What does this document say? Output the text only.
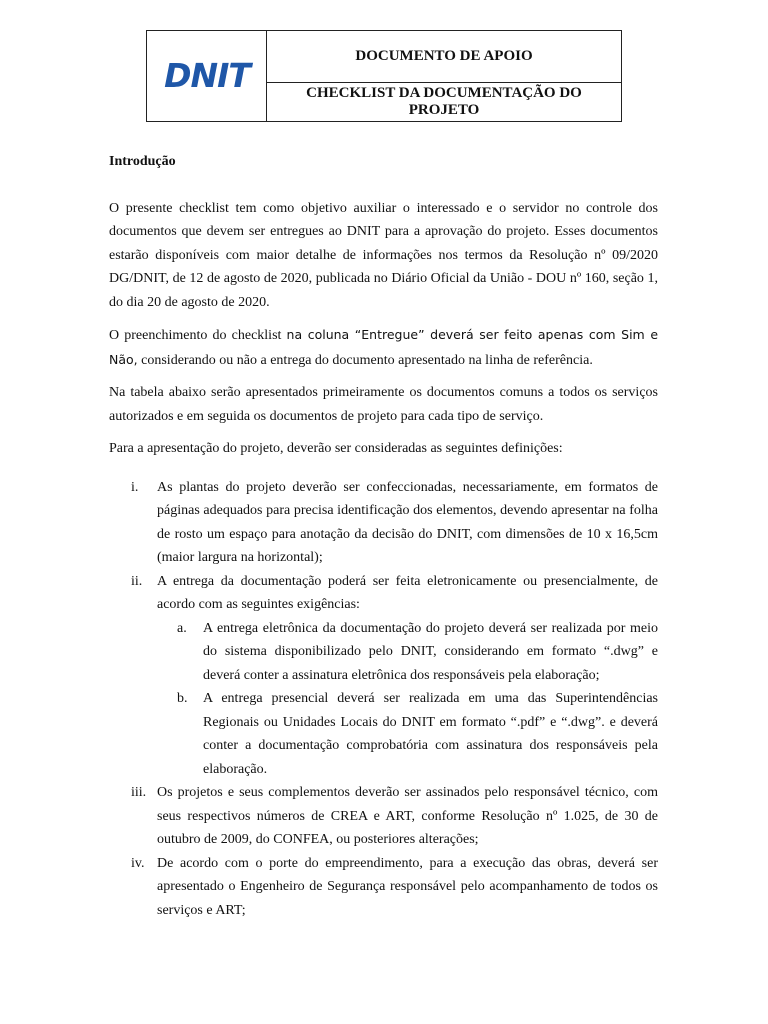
DNIT	DOCUMENTO DE APOIO
CHECKLIST DA DOCUMENTAÇÃO DO PROJETO

Introdução

O presente checklist tem como objetivo auxiliar o interessado e o servidor no controle dos documentos que devem ser entregues ao DNIT para a aprovação do projeto. Esses documentos estarão disponíveis com maior detalhe de informações nos termos da Resolução nº 09/2020 DG/DNIT, de 12 de agosto de 2020, publicada no Diário Oficial da União - DOU nº 160, seção 1, do dia 20 de agosto de 2020.

O preenchimento do checklist na coluna “Entregue” deverá ser feito apenas com Sim e Não, considerando ou não a entrega do documento apresentado na linha de referência.

Na tabela abaixo serão apresentados primeiramente os documentos comuns a todos os serviços autorizados e em seguida os documentos de projeto para cada tipo de serviço.

Para a apresentação do projeto, deverão ser consideradas as seguintes definições:

i.	As plantas do projeto deverão ser confeccionadas, necessariamente, em formatos de páginas adequados para precisa identificação dos elementos, devendo apresentar na folha de rosto um espaço para anotação da decisão do DNIT, com dimensões de 10 x 16,5cm (maior largura na horizontal);
ii.	A entrega da documentação poderá ser feita eletronicamente ou presencialmente, de acordo com as seguintes exigências:
a.	A entrega eletrônica da documentação do projeto deverá ser realizada por meio do sistema disponibilizado pelo DNIT, considerando em formato “.dwg” e deverá conter a assinatura eletrônica dos responsáveis pela elaboração;
b.	A entrega presencial deverá ser realizada em uma das Superintendências Regionais ou Unidades Locais do DNIT em formato “.pdf” e “.dwg”. e deverá conter a documentação comprobatória com assinatura dos responsáveis pela elaboração.
iii. Os projetos e seus complementos deverão ser assinados pelo responsável técnico, com seus respectivos números de CREA e ART, conforme Resolução nº 1.025, de 30 de outubro de 2009, do CONFEA, ou posteriores alterações;
iv. De acordo com o porte do empreendimento, para a execução das obras, deverá ser apresentado o Engenheiro de Segurança responsável pelo acompanhamento de todos os serviços e ART;
